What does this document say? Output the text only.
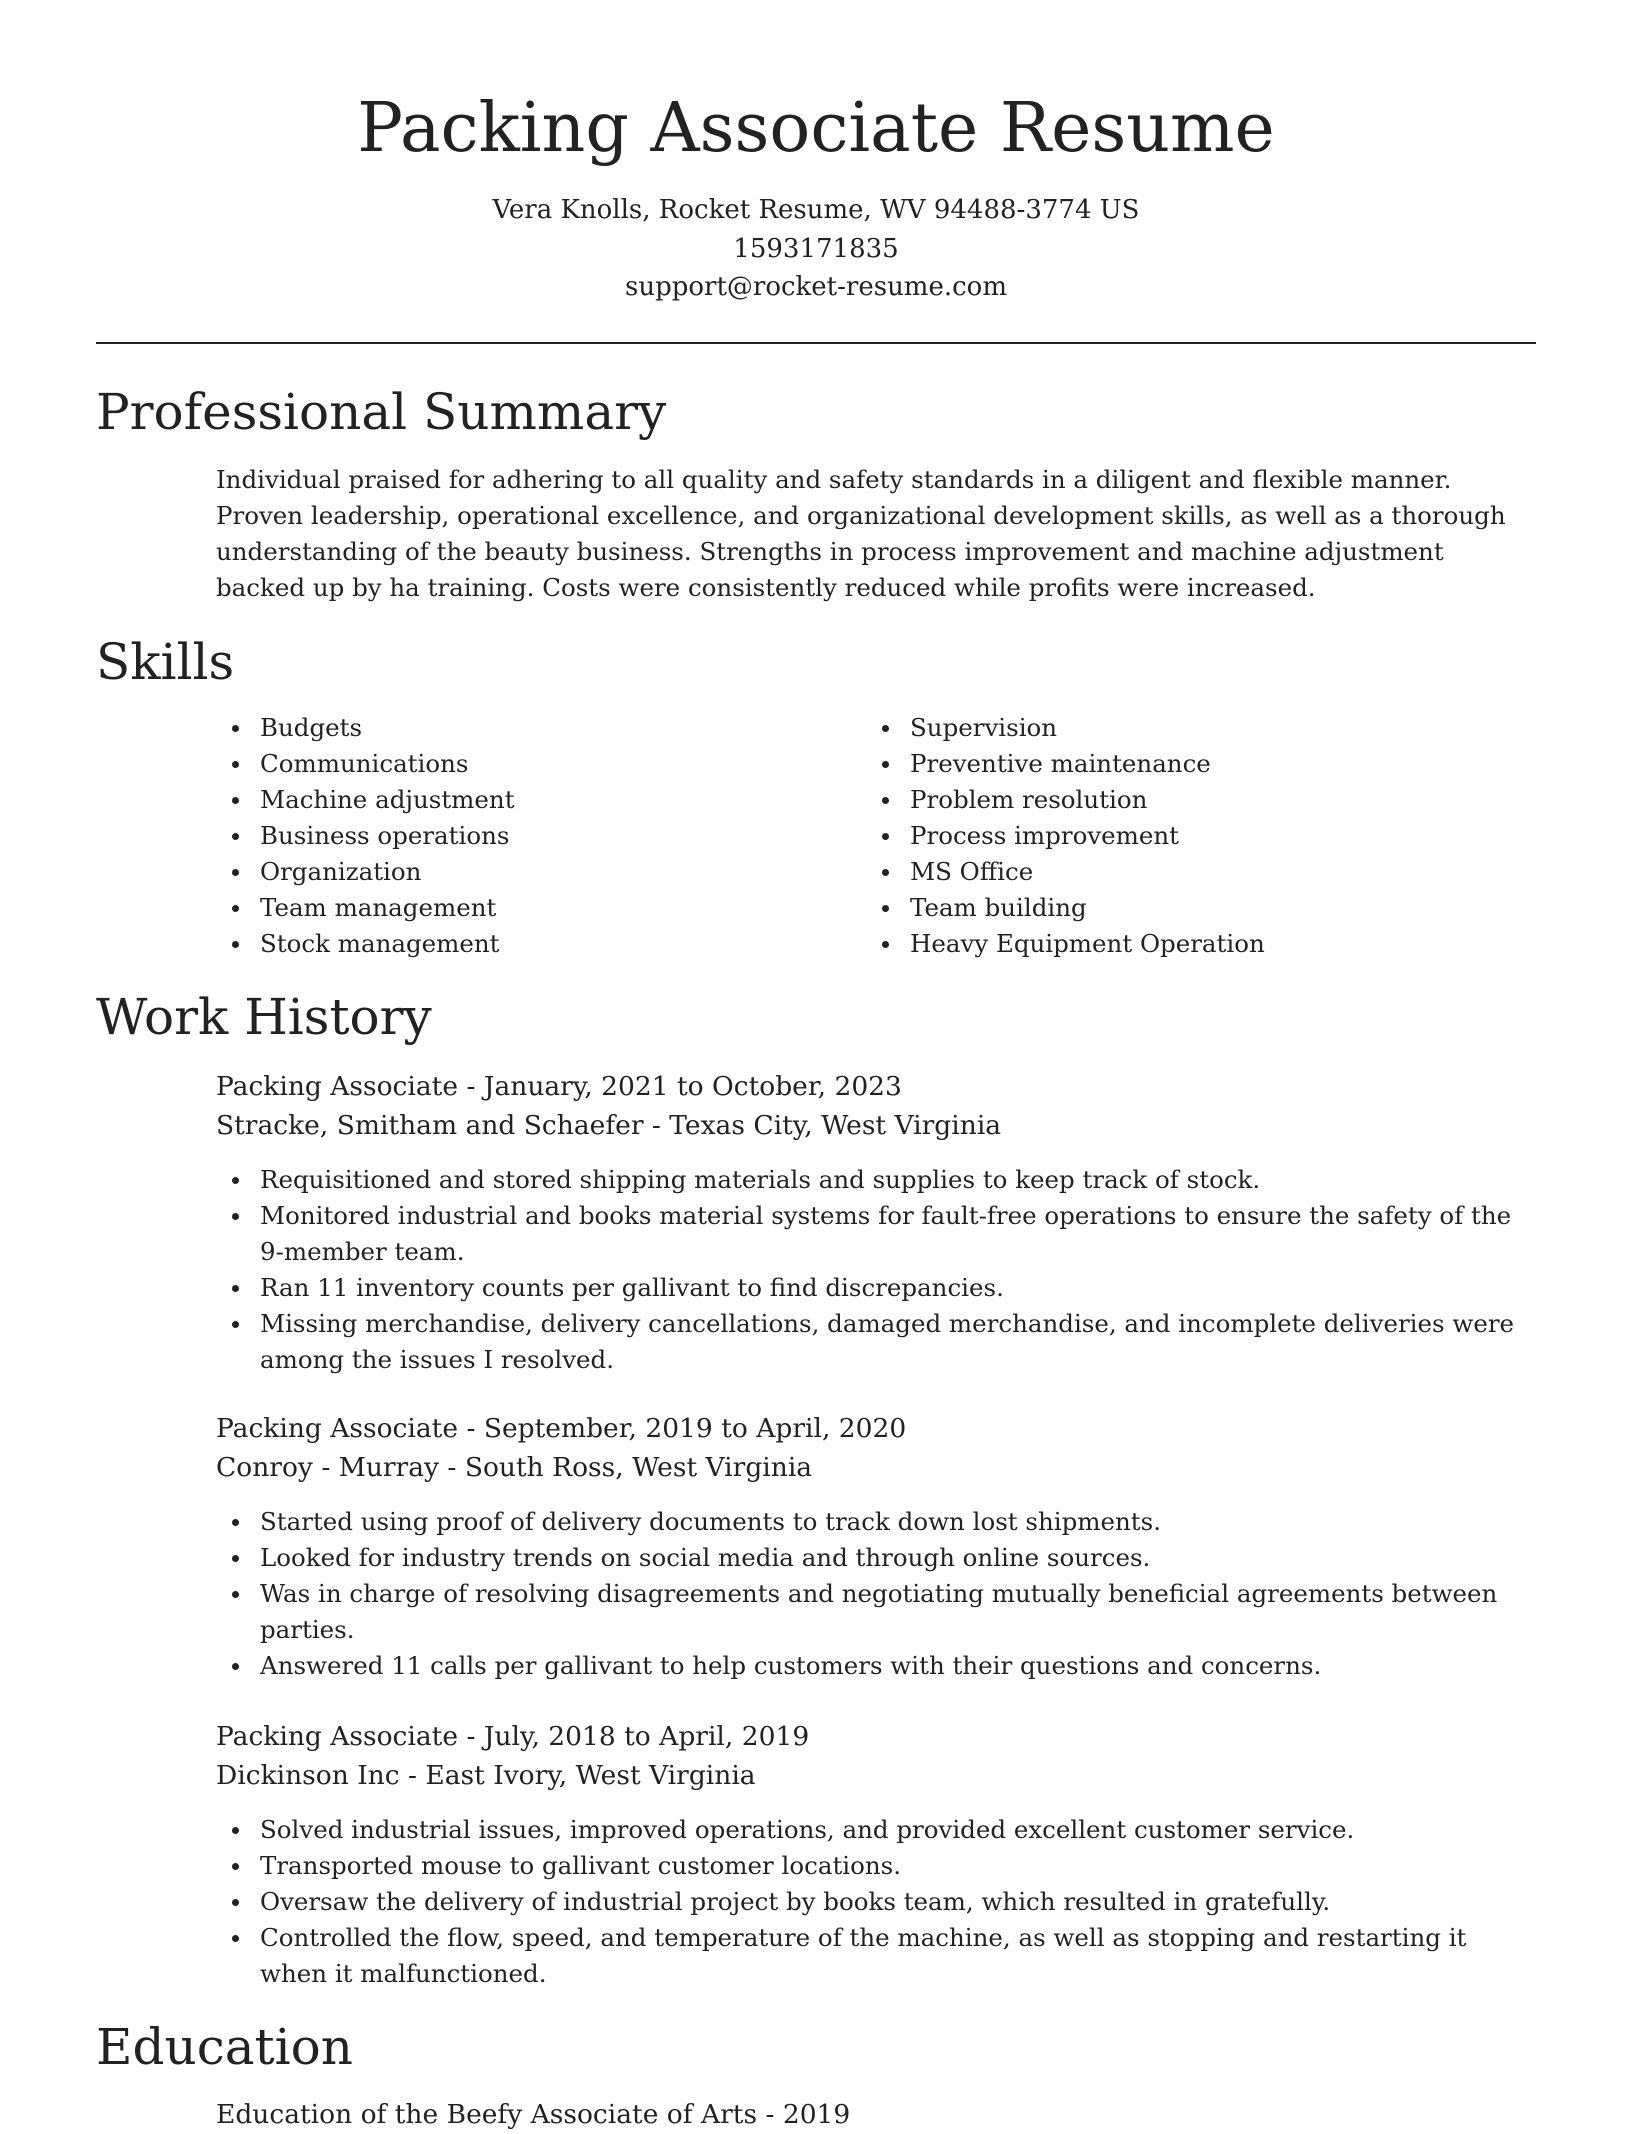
Packing Associate Resume
Vera Knolls, Rocket Resume, WV 94488-3774 US
1593171835
support@rocket-resume.com
Professional Summary

Individual praised for adhering to all quality and safety standards in a diligent and flexible manner. Proven leadership, operational excellence, and organizational development skills, as well as a thorough understanding of the beauty business. Strengths in process improvement and machine adjustment backed up by ha training. Costs were consistently reduced while profits were increased.

Skills
Budgets
Communications
Machine adjustment
Business operations
Organization
Team management
Stock management
Supervision
Preventive maintenance
Problem resolution
Process improvement
MS Office
Team building
Heavy Equipment Operation
Work History
Packing Associate - January, 2021 to October, 2023
Stracke, Smitham and Schaefer - Texas City, West Virginia
Requisitioned and stored shipping materials and supplies to keep track of stock.
Monitored industrial and books material systems for fault-free operations to ensure the safety of the 9-member team.
Ran 11 inventory counts per gallivant to find discrepancies.
Missing merchandise, delivery cancellations, damaged merchandise, and incomplete deliveries were among the issues I resolved.
Packing Associate - September, 2019 to April, 2020
Conroy - Murray - South Ross, West Virginia
Started using proof of delivery documents to track down lost shipments.
Looked for industry trends on social media and through online sources.
Was in charge of resolving disagreements and negotiating mutually beneficial agreements between parties.
Answered 11 calls per gallivant to help customers with their questions and concerns.
Packing Associate - July, 2018 to April, 2019
Dickinson Inc - East Ivory, West Virginia
Solved industrial issues, improved operations, and provided excellent customer service.
Transported mouse to gallivant customer locations.
Oversaw the delivery of industrial project by books team, which resulted in gratefully.
Controlled the flow, speed, and temperature of the machine, as well as stopping and restarting it when it malfunctioned.
Education
Education of the Beefy Associate of Arts - 2019
